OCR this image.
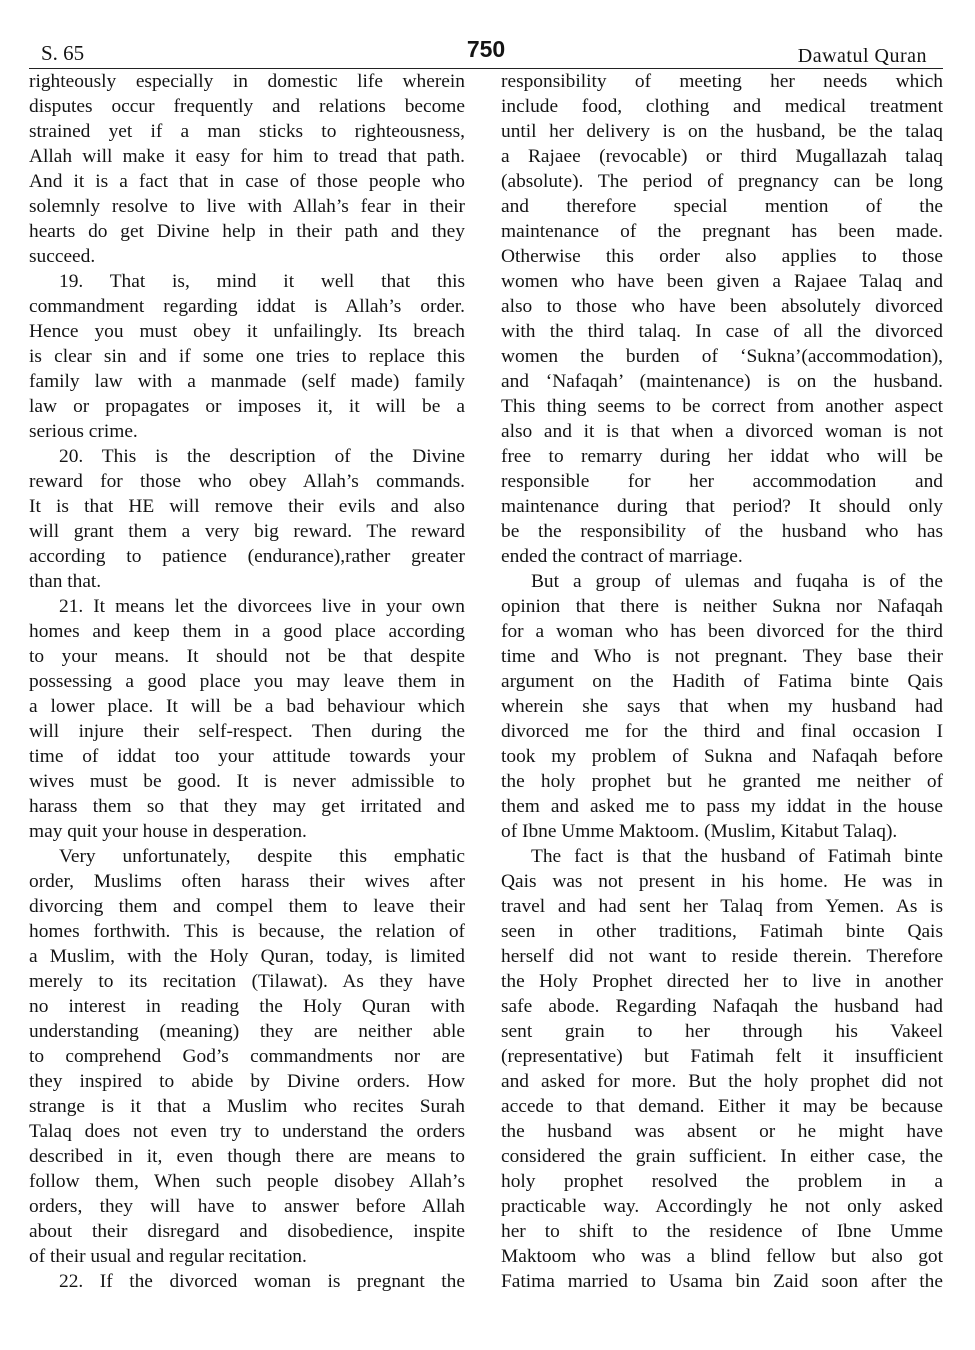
S. 65	750	Dawatul Quran
righteously especially in domestic life wherein
disputes occur frequently and relations become
strained yet if a man sticks to righteousness,
Allah will make it easy for him to tread that path.
And it is a fact that in case of those people who
solemnly resolve to live with Allah’s fear in their
hearts do get Divine help in their path and they
succeed.
19. That is, mind it well that this
commandment regarding iddat is Allah’s order.
Hence you must obey it unfailingly. Its breach
is clear sin and if some one tries to replace this
family law with a manmade (self made) family
law or propagates or imposes it, it will be a
serious crime.
20. This is the description of the Divine
reward for those who obey Allah’s commands.
It is that HE will remove their evils and also
will grant them a very big reward. The reward
according to patience (endurance),rather greater
than that.
21. It means let the divorcees live in your own
homes and keep them in a good place according
to your means. It should not be that despite
possessing a good place you may leave them in
a lower place. It will be a bad behaviour which
will injure their self-respect. Then during the
time of iddat too your attitude towards your
wives must be good. It is never admissible to
harass them so that they may get irritated and
may quit your house in desperation.
Very unfortunately, despite this emphatic
order, Muslims often harass their wives after
divorcing them and compel them to leave their
homes forthwith. This is because, the relation of
a Muslim, with the Holy Quran, today, is limited
merely to its recitation (Tilawat). As they have
no interest in reading the Holy Quran with
understanding (meaning) they are neither able
to comprehend God’s commandments nor are
they inspired to abide by Divine orders. How
strange is it that a Muslim who recites Surah
Talaq does not even try to understand the orders
described in it, even though there are means to
follow them, When such people disobey Allah’s
orders, they will have to answer before Allah
about their disregard and disobedience, inspite
of their usual and regular recitation.
22. If the divorced woman is pregnant the
responsibility of meeting her needs which
include food, clothing and medical treatment
until her delivery is on the husband, be the talaq
a Rajaee (revocable) or third Mugallazah talaq
(absolute). The period of pregnancy can be long
and therefore special mention of the
maintenance of the pregnant has been made.
Otherwise this order also applies to those
women who have been given a Rajaee Talaq and
also to those who have been absolutely divorced
with the third talaq. In case of all the divorced
women the burden of ‘Sukna’(accommodation),
and ‘Nafaqah’ (maintenance) is on the husband.
This thing seems to be correct from another aspect
also and it is that when a divorced woman is not
free to remarry during her iddat who will be
responsible for her accommodation and
maintenance during that period? It should only
be the responsibility of the husband who has
ended the contract of marriage.
But a group of ulemas and fuqaha is of the
opinion that there is neither Sukna nor Nafaqah
for a woman who has been divorced for the third
time and Who is not pregnant. They base their
argument on the Hadith of Fatima binte Qais
wherein she says that when my husband had
divorced me for the third and final occasion I
took my problem of Sukna and Nafaqah before
the holy prophet but he granted me neither of
them and asked me to pass my iddat in the house
of Ibne Umme Maktoom. (Muslim, Kitabut Talaq).
The fact is that the husband of Fatimah binte
Qais was not present in his home. He was in
travel and had sent her Talaq from Yemen. As is
seen in other traditions, Fatimah binte Qais
herself did not want to reside therein. Therefore
the Holy Prophet directed her to live in another
safe abode. Regarding Nafaqah the husband had
sent grain to her through his Vakeel
(representative) but Fatimah felt it insufficient
and asked for more. But the holy prophet did not
accede to that demand. Either it may be because
the husband was absent or he might have
considered the grain sufficient. In either case, the
holy prophet resolved the problem in a
practicable way. Accordingly he not only asked
her to shift to the residence of Ibne Umme
Maktoom who was a blind fellow but also got
Fatima married to Usama bin Zaid soon after the
